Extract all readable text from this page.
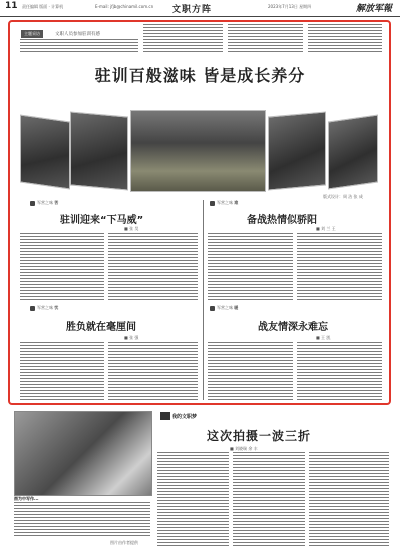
11 责任编辑 版面 · 计算机	E-mail: jfjb@chinamil.com.cn 文职方阵	2023年7月13日 星期四	解放军報
主题采访	文职人员参加驻训有感
驻训百般滋味 皆是成长养分
版式设计：周 洁 张 成
军营之味 苦
驻训迎来“下马威”
■ 张 昊
军营之味 难
备战热情似骄阳
■ 刘 兰 王
军营之味 忧
胜负就在毫厘间
■ 张 强
军营之味 暖
战友情深永难忘
■ 王 凯
我的文职梦
这次拍摄一波三折
■ 刘晓瑞 余 丰
图为中写作...
图片由作者提供
